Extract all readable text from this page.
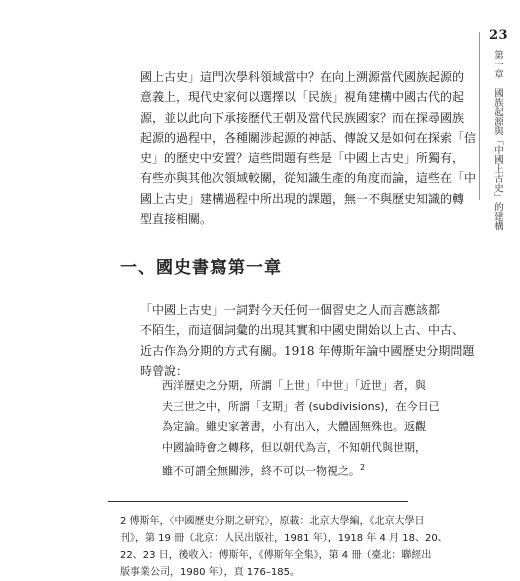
23
第一章　國族起源與「中國上古史」的建構

國上古史」這門次學科領域當中？在向上溯源當代國族起源的
意義上，現代史家何以選擇以「民族」視角建構中國古代的起
源，並以此向下承接歷代王朝及當代民族國家？而在探尋國族
起源的過程中，各種關涉起源的神話、傳說又是如何在探索「信
史」的歷史中安置？這些問題有些是「中國上古史」所獨有，
有些亦與其他次領域較關，從知識生產的角度而論，這些在「中
國上古史」建構過程中所出現的課題，無一不與歷史知識的轉
型直接相關。

一、國史書寫第一章

「中國上古史」一詞對今天任何一個習史之人而言應該都
不陌生，而這個詞彙的出現其實和中國史開始以上古、中古、
近古作為分期的方式有關。1918 年傅斯年論中國歷史分期問題
時曾說：

西洋歷史之分期，所謂「上世」「中世」「近世」者，與
夫三世之中，所謂「支期」者 (subdivisions)，在今日已
為定論。雖史家著書，小有出入，大體固無殊也。返觀
中國論時會之轉移，但以朝代為言，不知朝代與世期，
雖不可謂全無關涉，終不可以一物視之。$^2$
2 傅斯年，〈中國歷史分期之研究〉，原載：北京大學編，《北京大學日
刊》，第 19 冊（北京：人民出版社，1981 年），1918 年 4 月 18、20、
22、23 日，後收入：傅斯年，《傅斯年全集》，第 4 冊（臺北：聯經出
版事業公司，1980 年），頁 176–185。
